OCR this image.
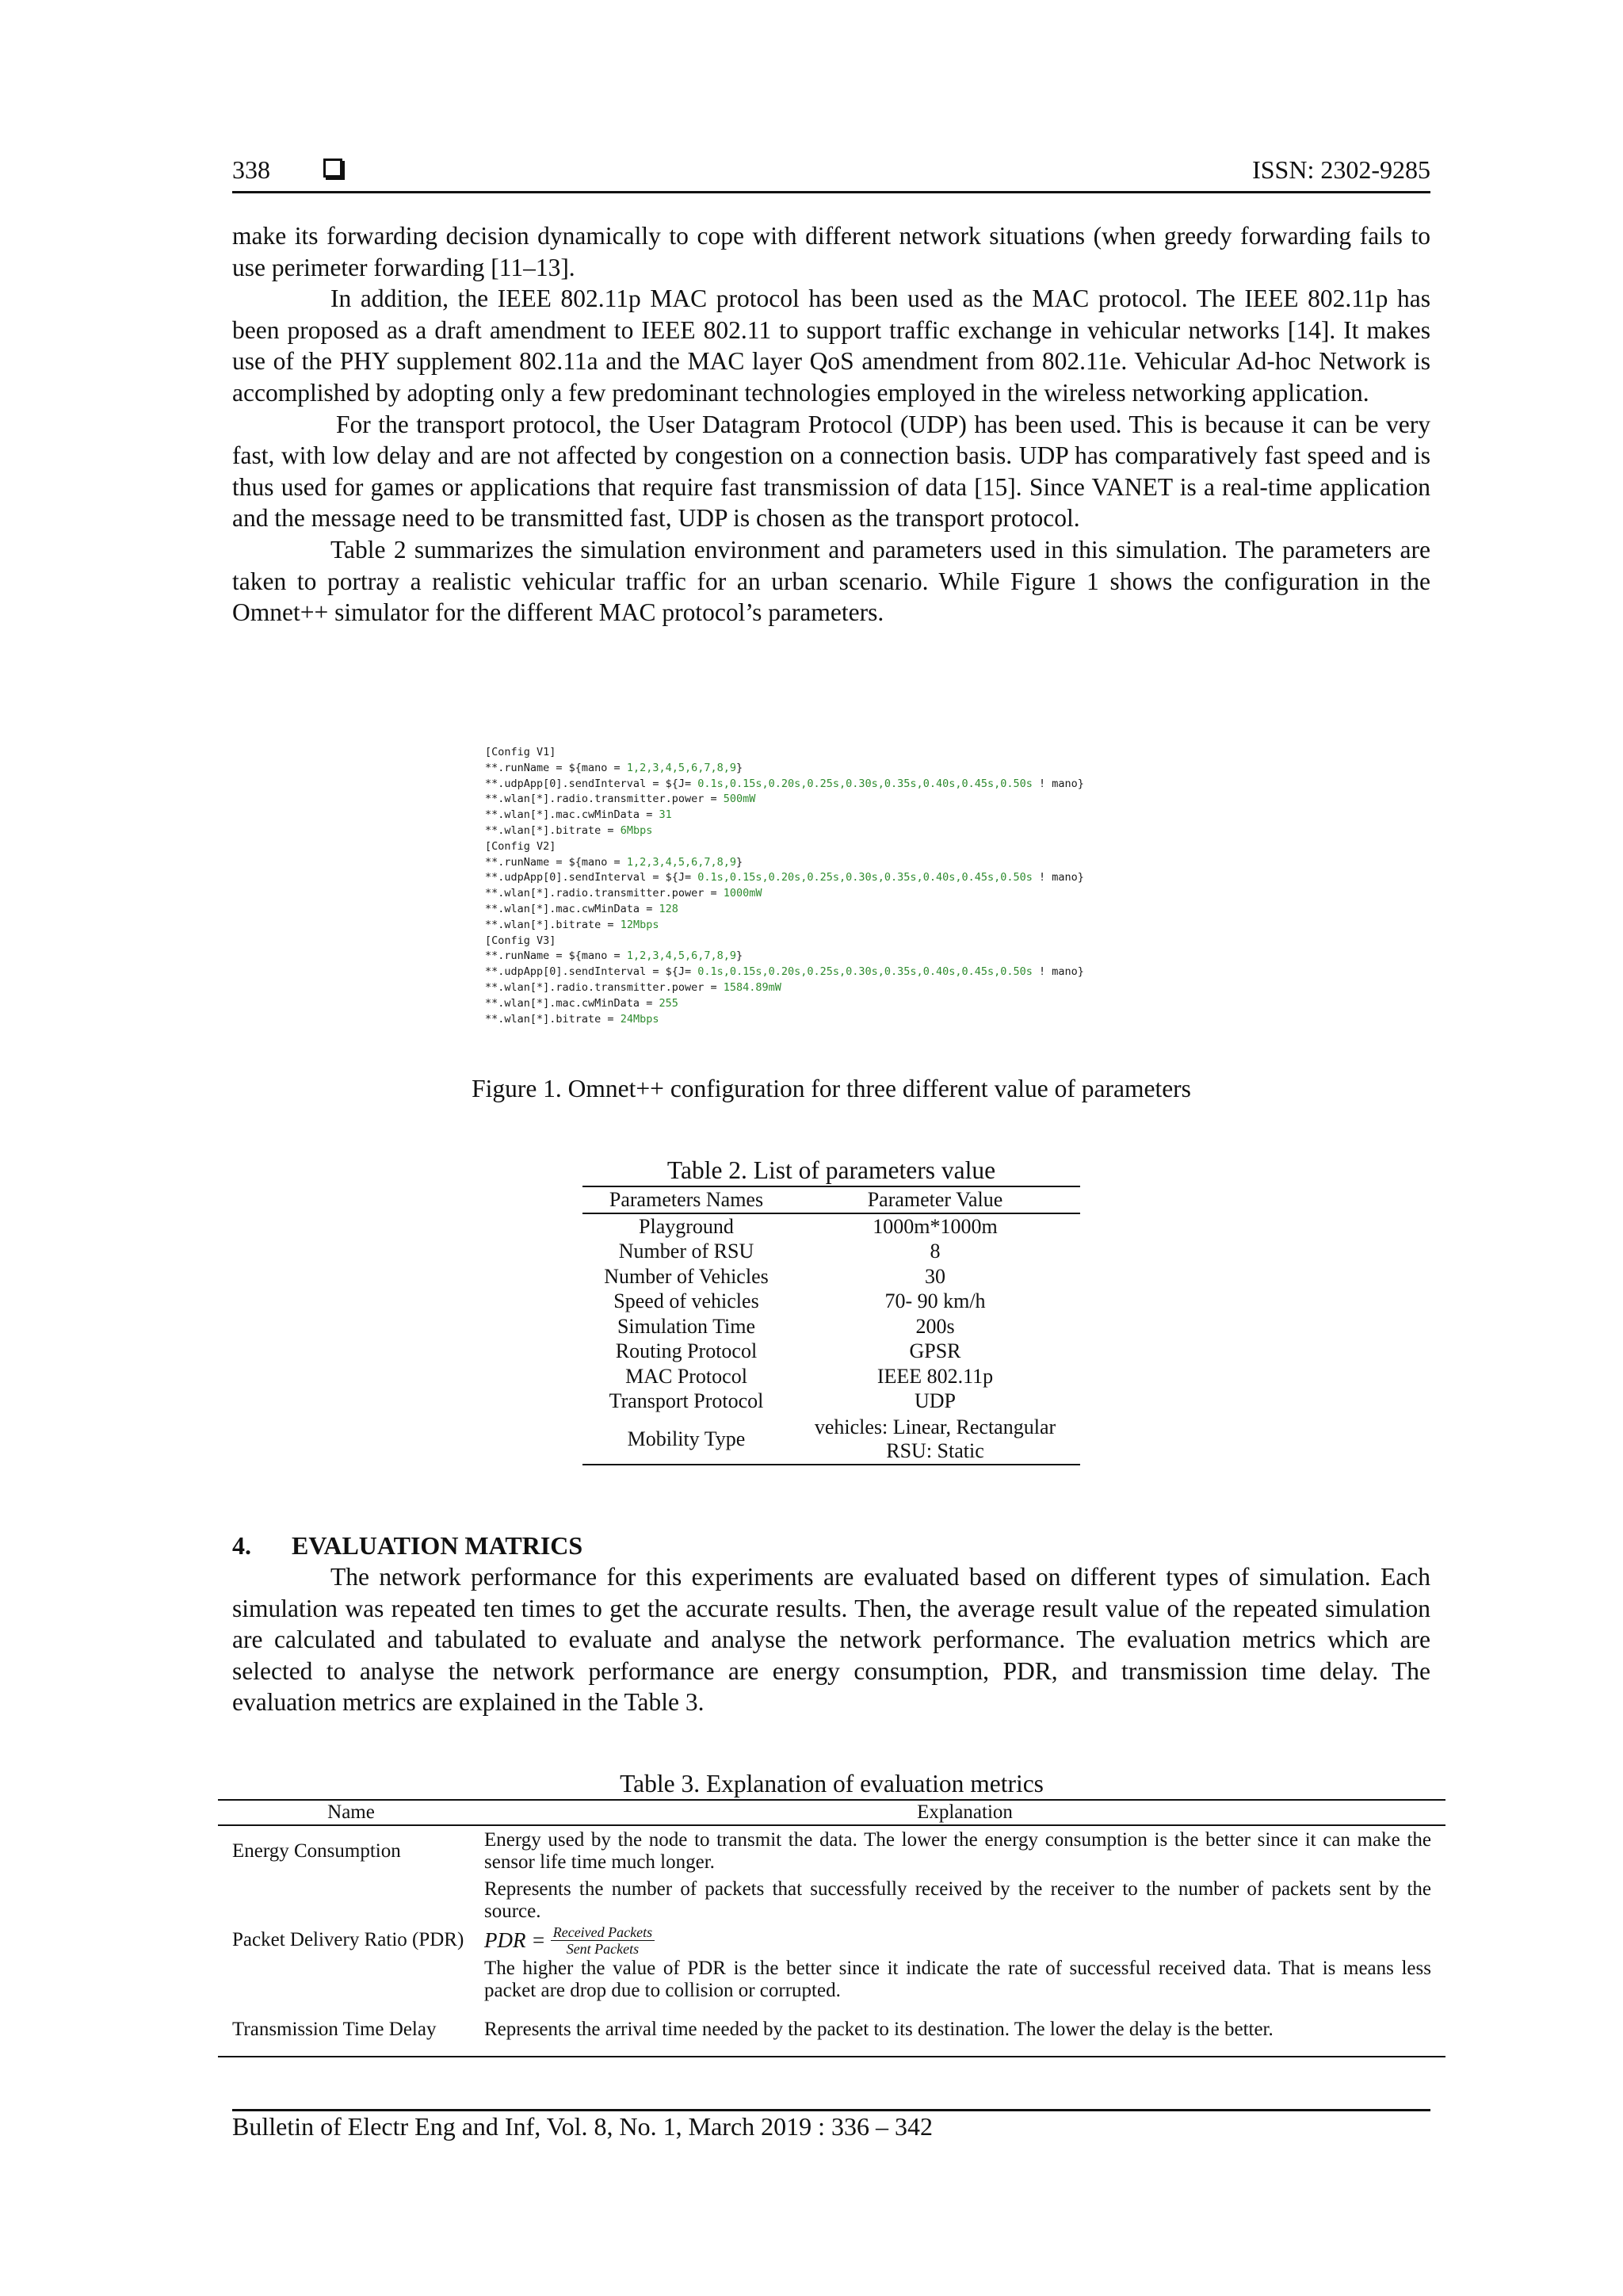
338	ISSN: 2302-9285

make its forwarding decision dynamically to cope with different network situations (when greedy forwarding fails to use perimeter forwarding [11–13].

In addition, the IEEE 802.11p MAC protocol has been used as the MAC protocol. The IEEE 802.11p has been proposed as a draft amendment to IEEE 802.11 to support traffic exchange in vehicular networks [14]. It makes use of the PHY supplement 802.11a and the MAC layer QoS amendment from 802.11e. Vehicular Ad-hoc Network is accomplished by adopting only a few predominant technologies employed in the wireless networking application.

For the transport protocol, the User Datagram Protocol (UDP) has been used. This is because it can be very fast, with low delay and are not affected by congestion on a connection basis. UDP has comparatively fast speed and is thus used for games or applications that require fast transmission of data [15]. Since VANET is a real-time application and the message need to be transmitted fast, UDP is chosen as the transport protocol.

Table 2 summarizes the simulation environment and parameters used in this simulation. The parameters are taken to portray a realistic vehicular traffic for an urban scenario. While Figure 1 shows the configuration in the Omnet++ simulator for the different MAC protocol’s parameters.

[Config V1]
**.runName = ${mano = 1,2,3,4,5,6,7,8,9}
**.udpApp[0].sendInterval = ${J= 0.1s,0.15s,0.20s,0.25s,0.30s,0.35s,0.40s,0.45s,0.50s ! mano}
**.wlan[*].radio.transmitter.power = 500mW
**.wlan[*].mac.cwMinData = 31
**.wlan[*].bitrate = 6Mbps
[Config V2]
**.runName = ${mano = 1,2,3,4,5,6,7,8,9}
**.udpApp[0].sendInterval = ${J= 0.1s,0.15s,0.20s,0.25s,0.30s,0.35s,0.40s,0.45s,0.50s ! mano}
**.wlan[*].radio.transmitter.power = 1000mW
**.wlan[*].mac.cwMinData = 128
**.wlan[*].bitrate = 12Mbps
[Config V3]
**.runName = ${mano = 1,2,3,4,5,6,7,8,9}
**.udpApp[0].sendInterval = ${J= 0.1s,0.15s,0.20s,0.25s,0.30s,0.35s,0.40s,0.45s,0.50s ! mano}
**.wlan[*].radio.transmitter.power = 1584.89mW
**.wlan[*].mac.cwMinData = 255
**.wlan[*].bitrate = 24Mbps
Figure 1. Omnet++ configuration for three different value of parameters
Table 2. List of parameters value
Parameters Names	Parameter Value
Playground	1000m*1000m
Number of RSU	8
Number of Vehicles	30
Speed of vehicles	70- 90 km/h
Simulation Time	200s
Routing Protocol	GPSR
MAC Protocol	IEEE 802.11p
Transport Protocol	UDP
Mobility Type	vehicles: Linear, Rectangular
RSU: Static
4. EVALUATION MATRICS

The network performance for this experiments are evaluated based on different types of simulation. Each simulation was repeated ten times to get the accurate results. Then, the average result value of the repeated simulation are calculated and tabulated to evaluate and analyse the network performance. The evaluation metrics which are selected to analyse the network performance are energy consumption, PDR, and transmission time delay. The evaluation metrics are explained in the Table 3.

Table 3. Explanation of evaluation metrics
Name	Explanation
Energy Consumption	Energy used by the node to transmit the data. The lower the energy consumption is the better since it can make the sensor life time much longer.
Packet Delivery Ratio (PDR)	Represents the number of packets that successfully received by the receiver to the number of packets sent by the source.
PDR =
$\frac{\text{Received Packets}}{\text{Sent Packets}}$
The higher the value of PDR is the better since it indicate the rate of successful received data. That is means less packet are drop due to collision or corrupted.

Transmission Time Delay	Represents the arrival time needed by the packet to its destination. The lower the delay is the better.
Bulletin of Electr Eng and Inf, Vol. 8, No. 1, March 2019 : 336 – 342
